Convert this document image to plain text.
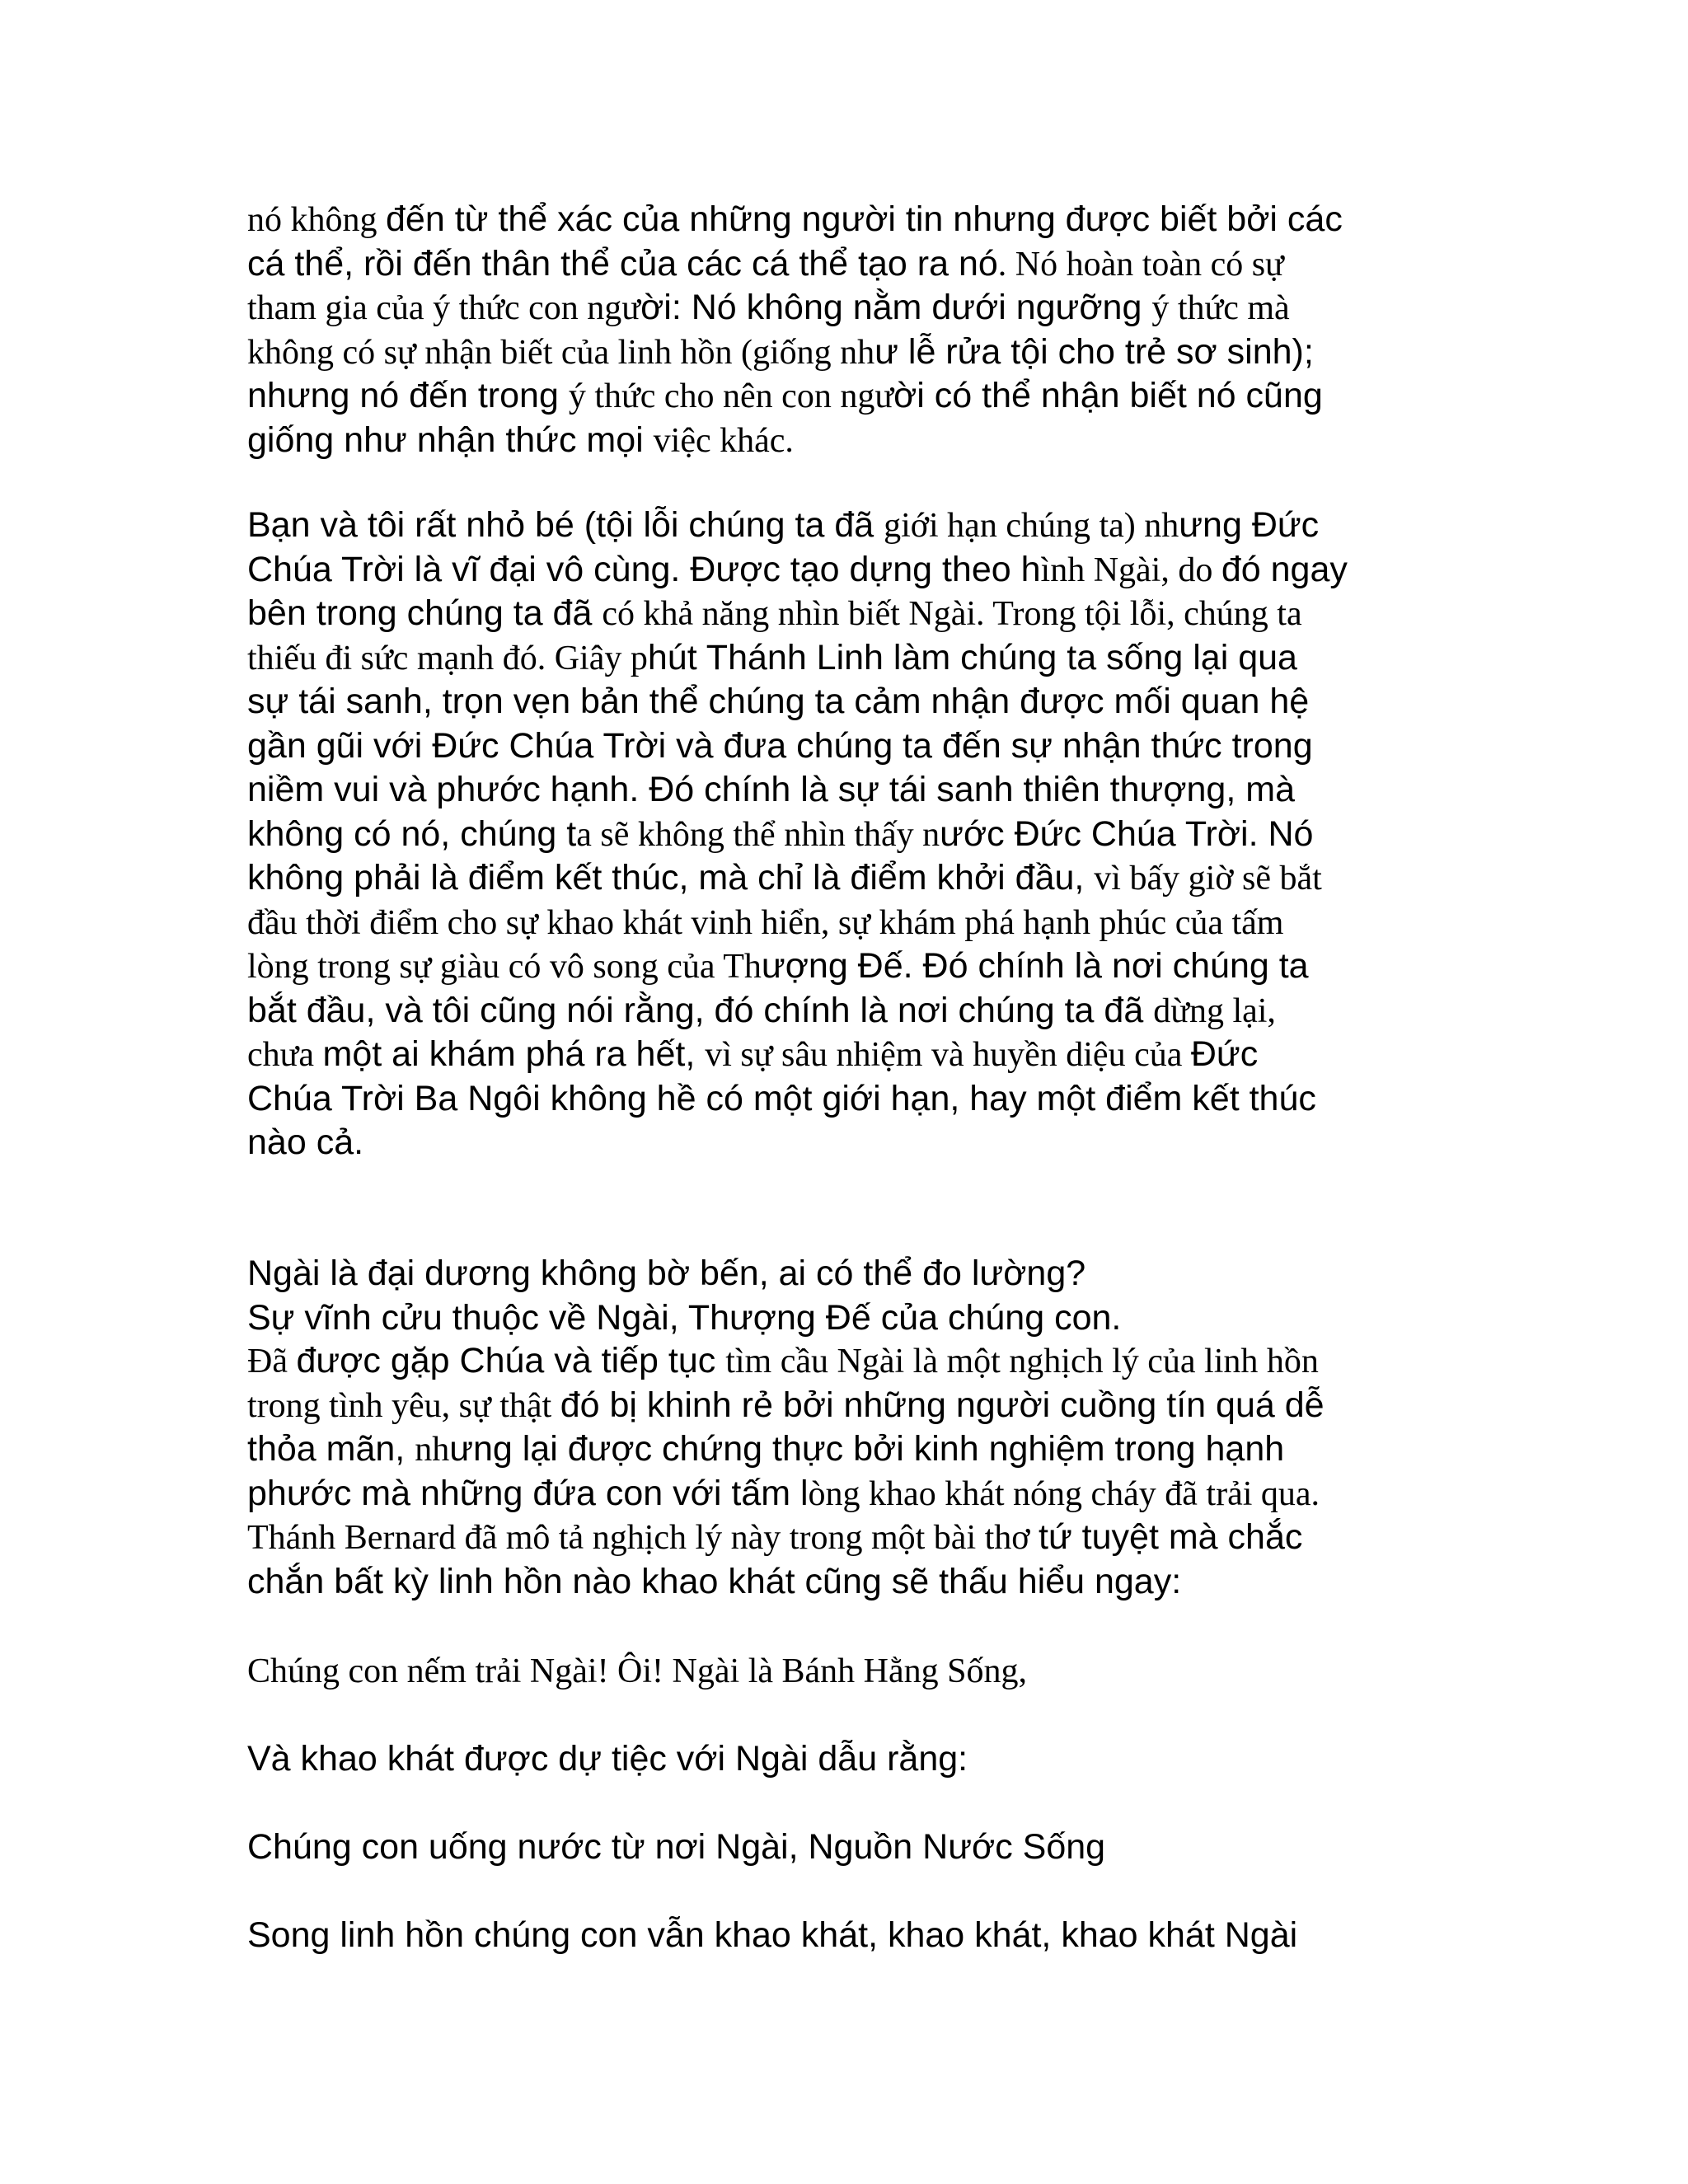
nó không đến từ thể xác của những người tin nhưng được biết bởi các
cá thể, rồi đến thân thể của các cá thể tạo ra nó. Nó hoàn toàn có sự
tham gia của ý thức con người: Nó không nằm dưới ngưỡng ý thức mà
không có sự nhận biết của linh hồn (giống như lễ rửa tội cho trẻ sơ sinh);
nhưng nó đến trong ý thức cho nên con người có thể nhận biết nó cũng
giống như nhận thức mọi việc khác.
Bạn và tôi rất nhỏ bé (tội lỗi chúng ta đã giới hạn chúng ta) nhưng Đức
Chúa Trời là vĩ đại vô cùng. Được tạo dựng theo hình Ngài, do đó ngay
bên trong chúng ta đã có khả năng nhìn biết Ngài. Trong tội lỗi, chúng ta
thiếu đi sức mạnh đó. Giây phút Thánh Linh làm chúng ta sống lại qua
sự tái sanh, trọn vẹn bản thể chúng ta cảm nhận được mối quan hệ
gần gũi với Đức Chúa Trời và đưa chúng ta đến sự nhận thức trong
niềm vui và phước hạnh. Đó chính là sự tái sanh thiên thượng, mà
không có nó, chúng ta sẽ không thể nhìn thấy nước Đức Chúa Trời. Nó
không phải là điểm kết thúc, mà chỉ là điểm khởi đầu, vì bấy giờ sẽ bắt
đầu thời điểm cho sự khao khát vinh hiển, sự khám phá hạnh phúc của tấm
lòng trong sự giàu có vô song của Thượng Đế. Đó chính là nơi chúng ta
bắt đầu, và tôi cũng nói rằng, đó chính là nơi chúng ta đã dừng lại,
chưa một ai khám phá ra hết, vì sự sâu nhiệm và huyền diệu của Đức
Chúa Trời Ba Ngôi không hề có một giới hạn, hay một điểm kết thúc
nào cả.
Ngài là đại dương không bờ bến, ai có thể đo lường?
Sự vĩnh cửu thuộc về Ngài, Thượng Đế của chúng con.
Đã được gặp Chúa và tiếp tục tìm cầu Ngài là một nghịch lý của linh hồn
trong tình yêu, sự thật đó bị khinh rẻ bởi những người cuồng tín quá dễ
thỏa mãn, nhưng lại được chứng thực bởi kinh nghiệm trong hạnh
phước mà những đứa con với tấm lòng khao khát nóng cháy đã trải qua.
Thánh Bernard đã mô tả nghịch lý này trong một bài thơ tứ tuyệt mà chắc
chắn bất kỳ linh hồn nào khao khát cũng sẽ thấu hiểu ngay:
Chúng con nếm trải Ngài! Ôi! Ngài là Bánh Hằng Sống,
Và khao khát được dự tiệc với Ngài dẫu rằng:
Chúng con uống nước từ nơi Ngài, Nguồn Nước Sống
Song linh hồn chúng con vẫn khao khát, khao khát, khao khát Ngài
